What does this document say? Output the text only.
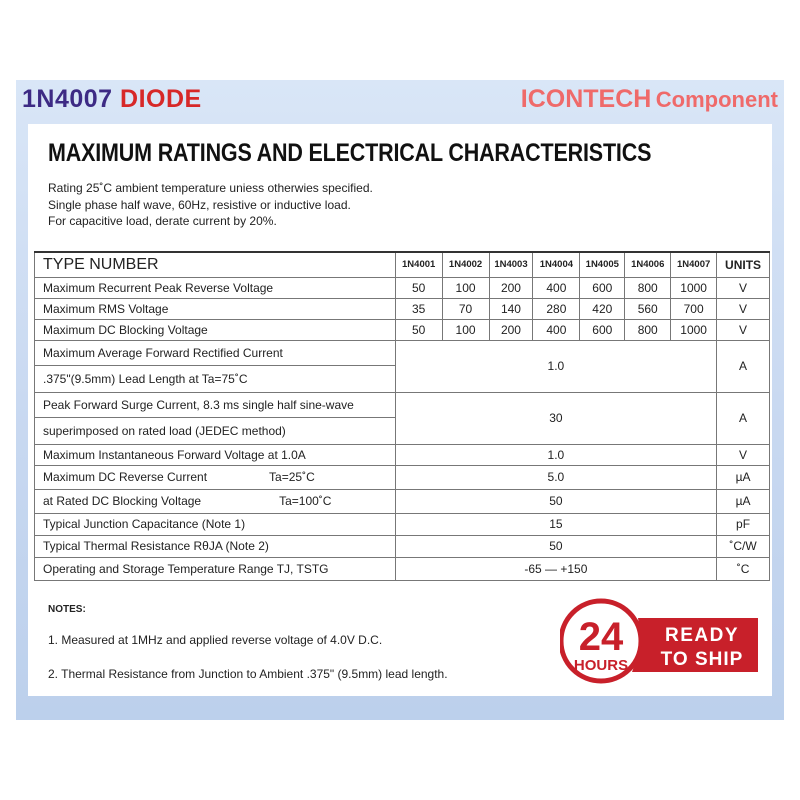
1N4007 DIODE	ICONTECH Component
MAXIMUM RATINGS AND ELECTRICAL CHARACTERISTICS
Rating 25˚C ambient temperature uniess otherwies specified.
Single phase half wave, 60Hz, resistive or inductive load.
For capacitive load, derate current by 20%.
TYPE NUMBER	1N4001	1N4002	1N4003	1N4004	1N4005	1N4006	1N4007	UNITS
Maximum Recurrent Peak Reverse Voltage	50	100	200	400	600	800	1000	V
Maximum RMS Voltage	35	70	140	280	420	560	700	V
Maximum DC Blocking Voltage	50	100	200	400	600	800	1000	V
Maximum Average Forward Rectified Current	1.0							A
.375"(9.5mm) Lead Length at Ta=75˚C								
Peak Forward Surge Current, 8.3 ms single half sine-wave	30							A
superimposed on rated load (JEDEC method)								
Maximum Instantaneous Forward Voltage at 1.0A	1.0							V
Maximum DC Reverse Current Ta=25˚C	5.0							µA
at Rated DC Blocking Voltage Ta=100˚C	50							µA
Typical Junction Capacitance (Note 1)	15							pF
Typical Thermal Resistance RθJA (Note 2)	50							˚C/W
Operating and Storage Temperature Range TJ, TSTG	-65 — +150							˚C
NOTES:
1. Measured at 1MHz and applied reverse voltage of 4.0V D.C.
2. Thermal Resistance from Junction to Ambient .375" (9.5mm) lead length.
24
HOURS
READY
TO SHIP
